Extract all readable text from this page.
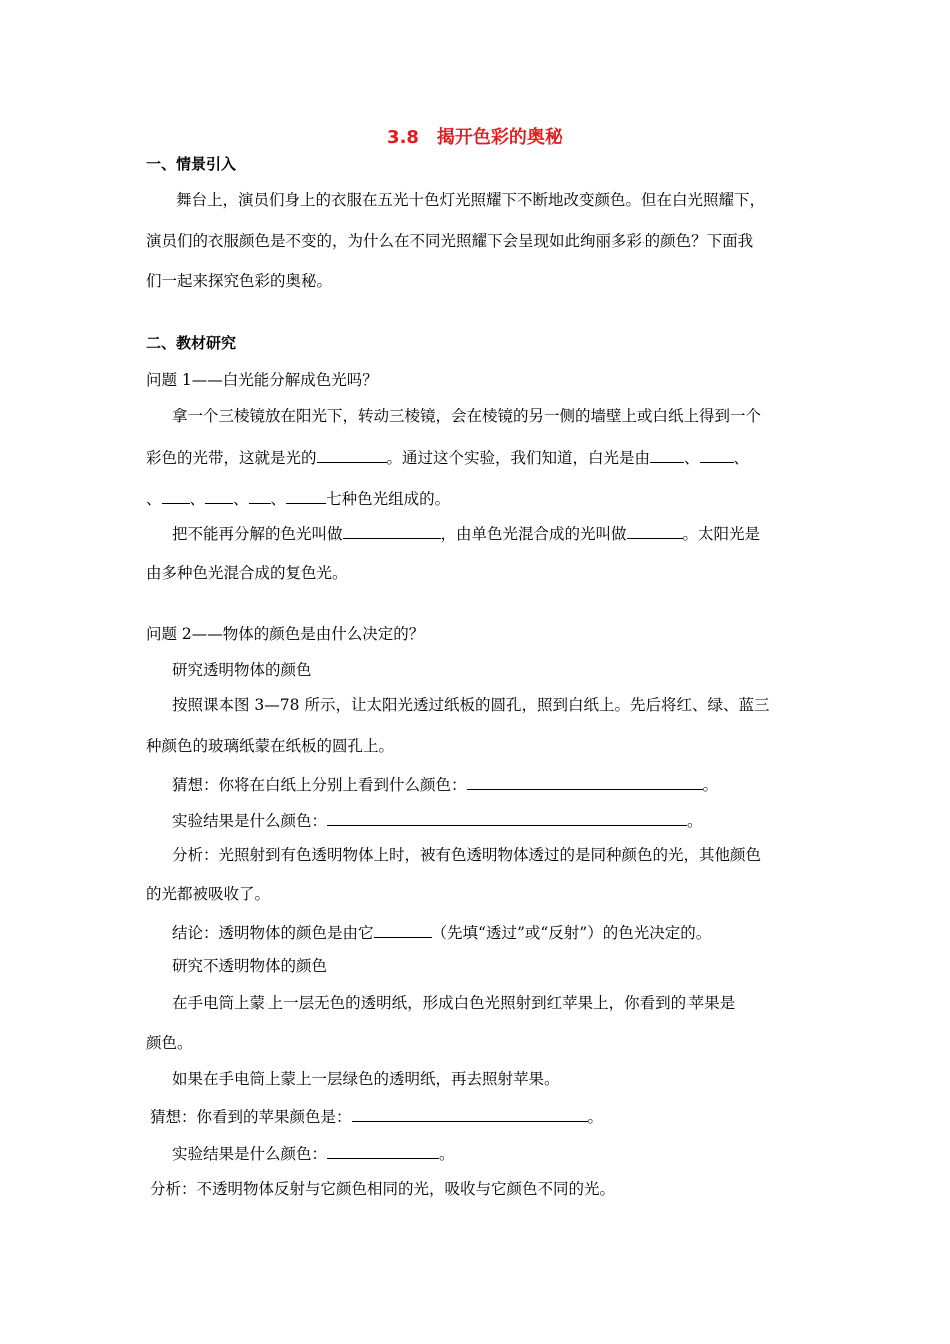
3.8　揭开色彩的奥秘
一、情景引入
舞台上，演员们身上的衣服在五光十色灯光照耀下不断地改变颜色。但在白光照耀下，
演员们的衣服颜色是不变的，为什么在不同光照耀下会呈现如此绚丽多彩.的颜色？下面我
们一起来探究色彩的奥秘。
二、教材研究
问题 1——白光能分解成色光吗？
拿一个三棱镜放在阳光下，转动三棱镜，会在棱镜的另一侧的墙壁上或白纸上得到一个
彩色的光带，这就是光的	。通过这个实验，我们知道，白光是由 、 、
、 、 、 、	七种色光组成的。
把不能再分解的色光叫做	，由单色光混合成的光叫做	。太阳光是
由多种色光混合成的复色光。
问题 2——物体的颜色是由什么决定的？
研究透明物体的颜色
按照课本图 3—78 所示，让太阳光透过纸板的圆孔，照到白纸上。先后将红、绿、蓝三
种颜色的玻璃纸蒙在纸板的圆孔上。
猜想：你将在白纸上分别上看到什么颜色：	。
实验结果是什么颜色：	。
分析：光照射到有色透明物体上时，被有色透明物体透过的是同种颜色的光，其他颜色
的光都被吸收了。
结论：透明物体的颜色是由它	（先填“透过”或“反射”）的色光决定的。
研究不透明物体的颜色
在手电筒上蒙.上一层无色的透明纸，形成白色光照射到红苹果上，你看到的.苹果是
颜色。
如果在手电筒上蒙上一层绿色的透明纸，再去照射苹果。
猜想：你看到的苹果颜色是：	。
实验结果是什么颜色：	。
分析：不透明物体反射与它颜色相同的光，吸收与它颜色不同的光。
